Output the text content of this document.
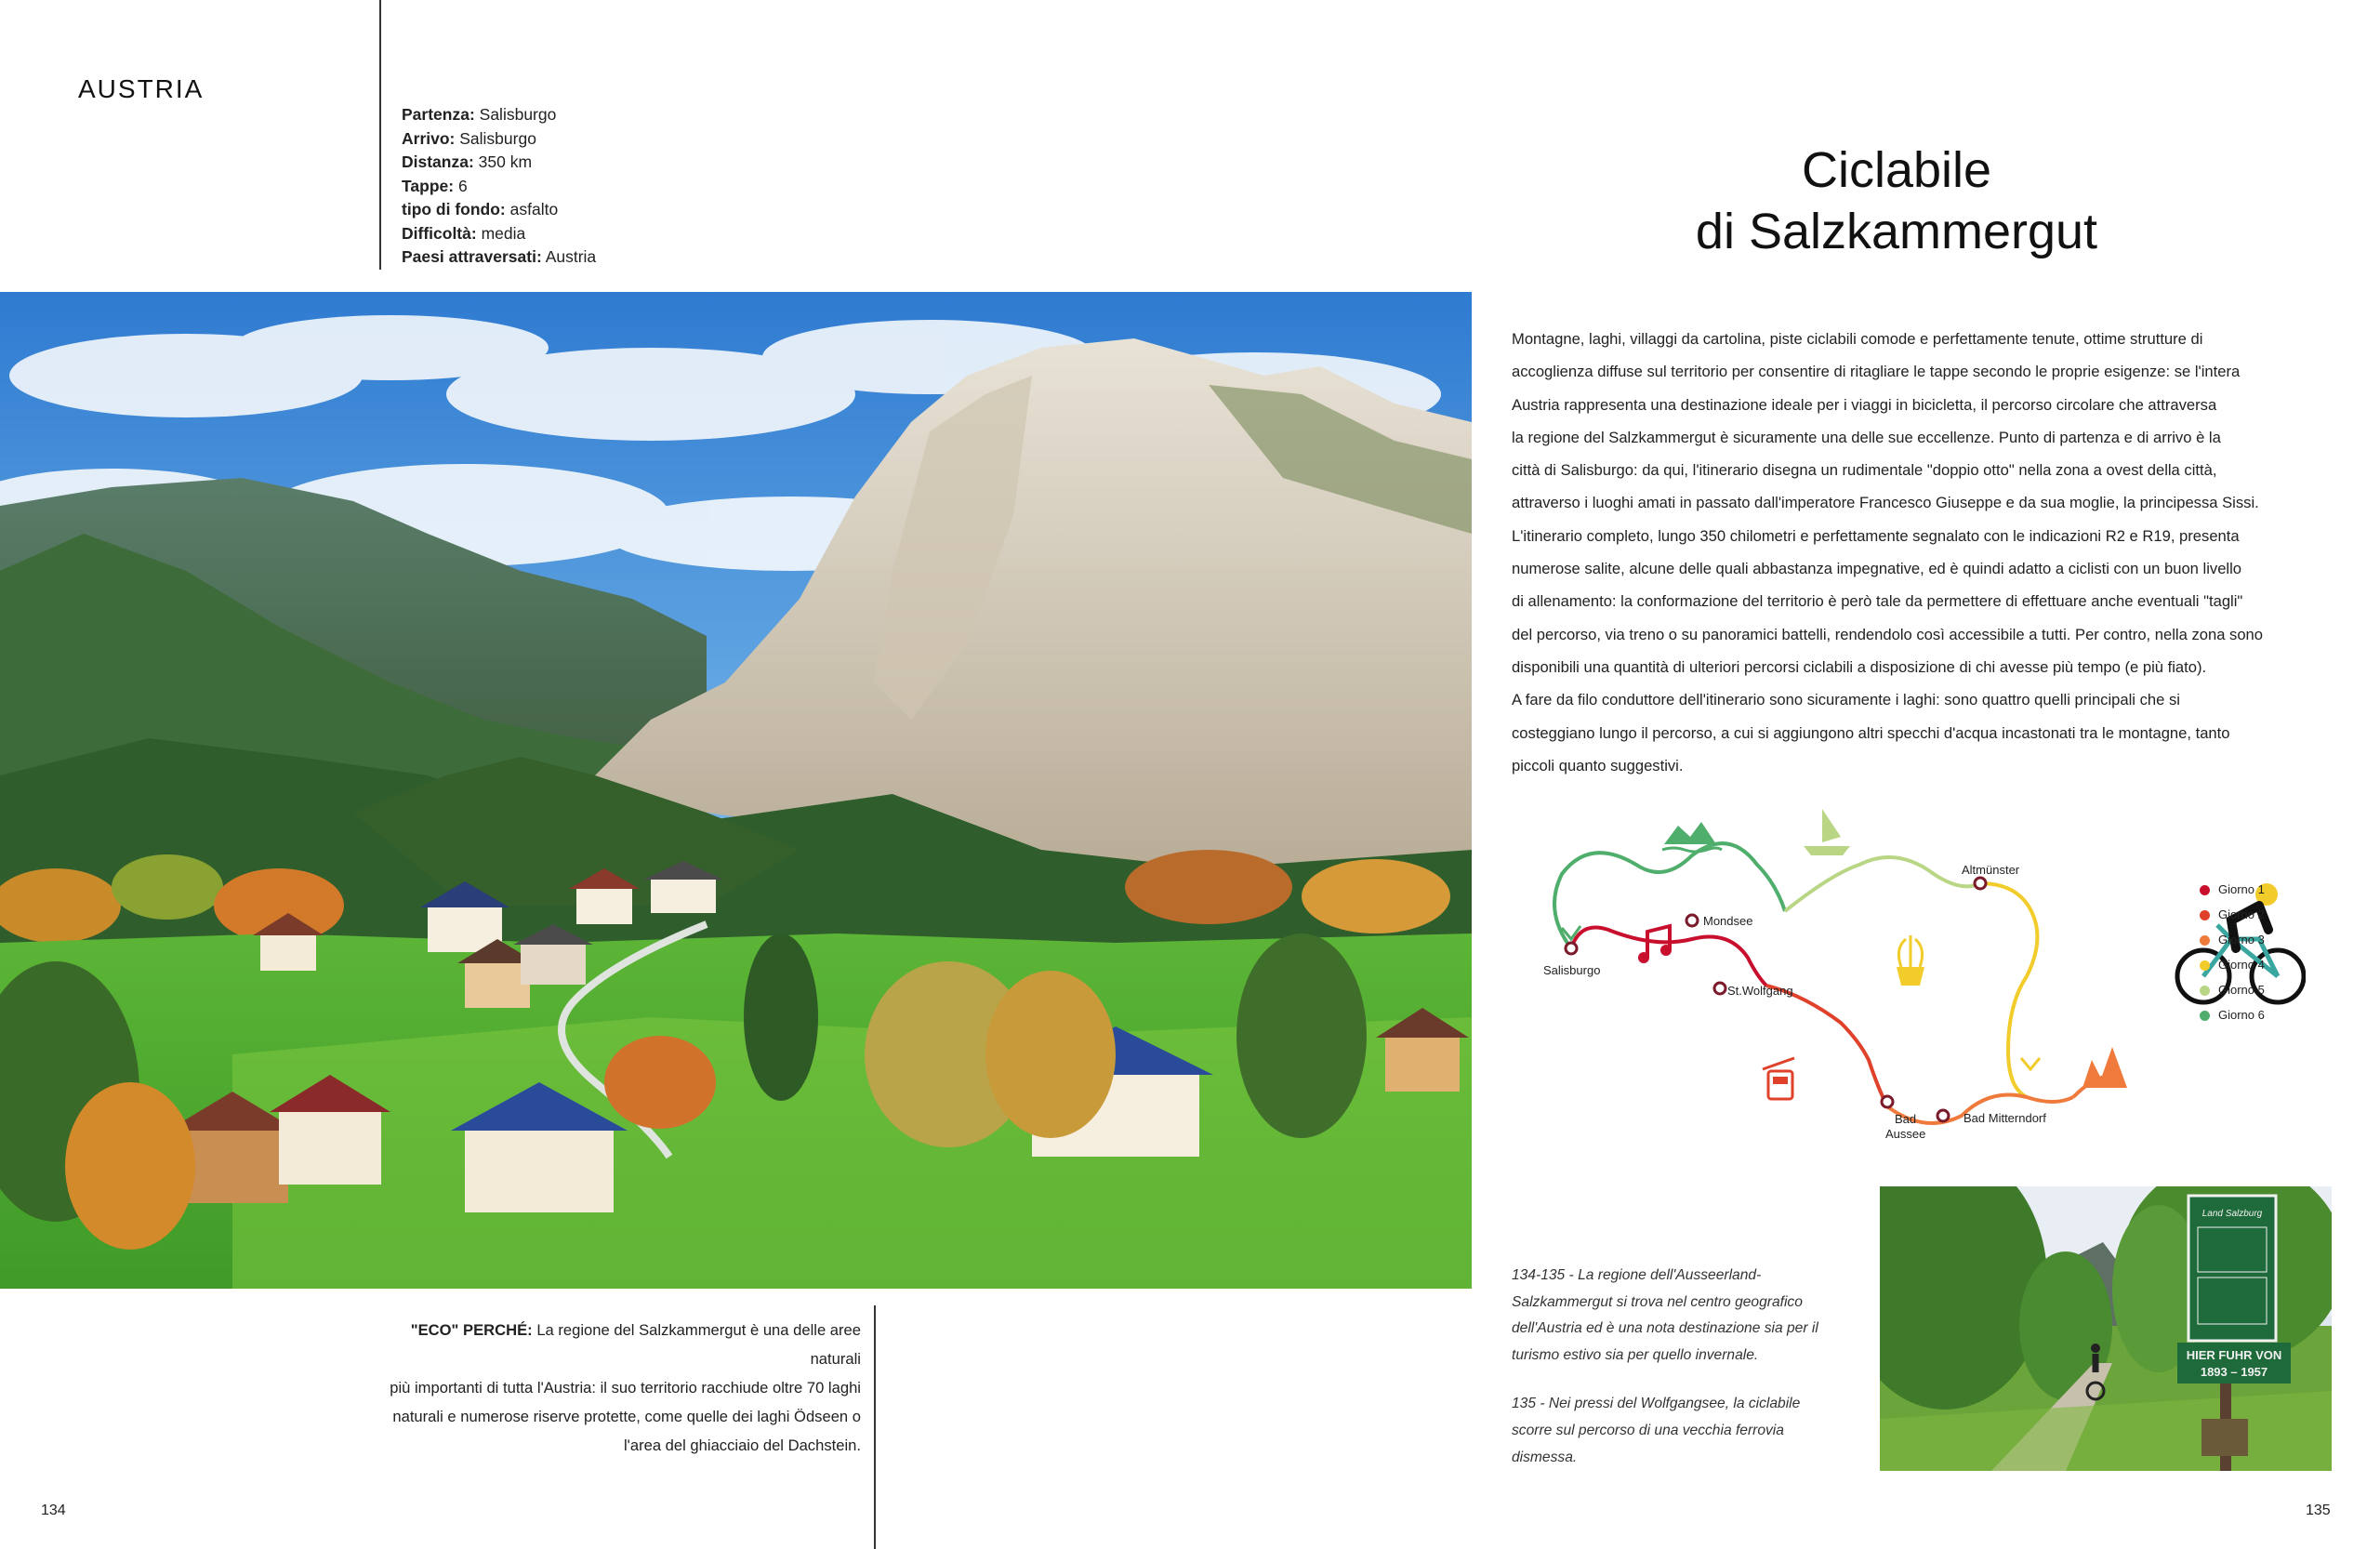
AUSTRIA
Partenza: Salisburgo
Arrivo: Salisburgo
Distanza: 350 km
Tappe: 6
tipo di fondo: asfalto
Difficoltà: media
Paesi attraversati: Austria
Ciclabile
di Salzkammergut
Montagne, laghi, villaggi da cartolina, piste ciclabili comode e perfettamente tenute, ottime strutture di
accoglienza diffuse sul territorio per consentire di ritagliare le tappe secondo le proprie esigenze: se l'intera
Austria rappresenta una destinazione ideale per i viaggi in bicicletta, il percorso circolare che attraversa
la regione del Salzkammergut è sicuramente una delle sue eccellenze. Punto di partenza e di arrivo è la
città di Salisburgo: da qui, l'itinerario disegna un rudimentale "doppio otto" nella zona a ovest della città,
attraverso i luoghi amati in passato dall'imperatore Francesco Giuseppe e da sua moglie, la principessa Sissi.
L'itinerario completo, lungo 350 chilometri e perfettamente segnalato con le indicazioni R2 e R19, presenta
numerose salite, alcune delle quali abbastanza impegnative, ed è quindi adatto a ciclisti con un buon livello
di allenamento: la conformazione del territorio è però tale da permettere di effettuare anche eventuali "tagli"
del percorso, via treno o su panoramici battelli, rendendolo così accessibile a tutti. Per contro, nella zona sono
disponibili una quantità di ulteriori percorsi ciclabili a disposizione di chi avesse più tempo (e più fiato).
A fare da filo conduttore dell'itinerario sono sicuramente i laghi: sono quattro quelli principali che si
costeggiano lungo il percorso, a cui si aggiungono altri specchi d'acqua incastonati tra le montagne, tanto
piccoli quanto suggestivi.
"ECO" PERCHÉ: La regione del Salzkammergut è una delle aree naturali
più importanti di tutta l'Austria: il suo territorio racchiude oltre 70 laghi
naturali e numerose riserve protette, come quelle dei laghi Ödseen o
l'area del ghiacciaio del Dachstein.
Salisburgo
Mondsee
Altmünster
St.Wolfgang
Bad
Aussee
Bad Mitterndorf
Giorno 1
Giorno 2
Giorno 3
Giorno 4
Giorno 5
Giorno 6

134-135 - La regione dell'Ausseerland-
Salzkammergut si trova nel centro geografico
dell'Austria ed è una nota destinazione sia per il
turismo estivo sia per quello invernale.

135 - Nei pressi del Wolfgangsee, la ciclabile
scorre sul percorso di una vecchia ferrovia
dismessa.

Land Salzburg
HIER FUHR VON
1893 – 1957
134	135
